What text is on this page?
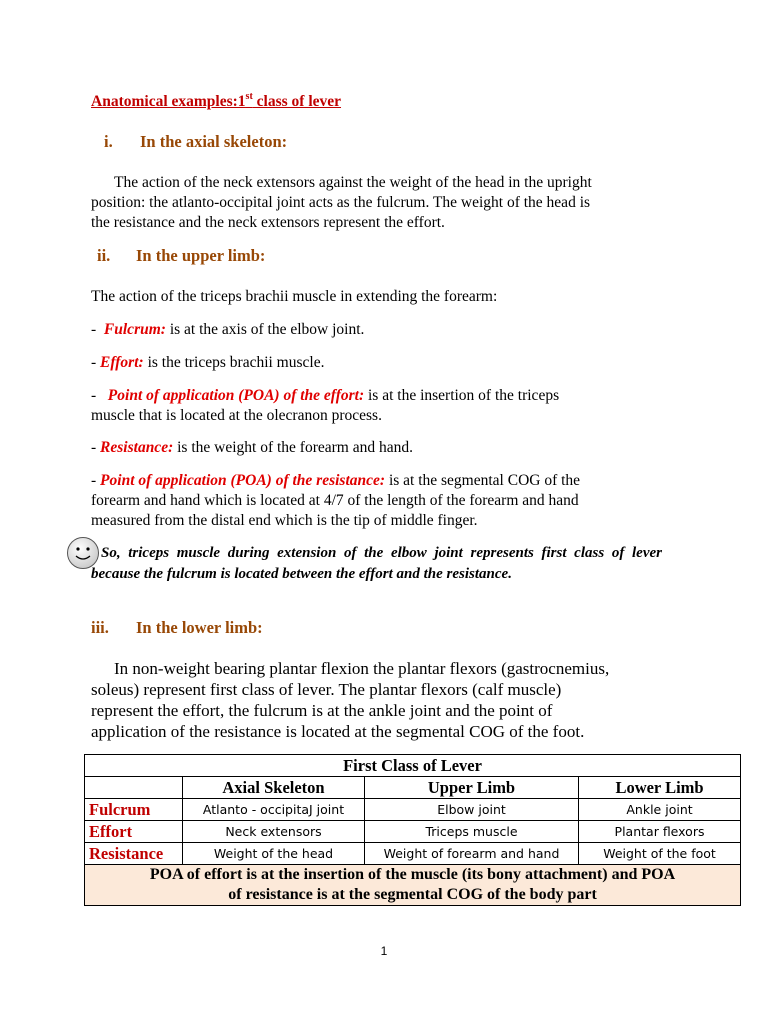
Anatomical examples:1st class of lever
i. In the axial skeleton:

The action of the neck extensors against the weight of the head in the upright

position: the atlanto-occipital joint acts as the fulcrum. The weight of the head is

the resistance and the neck extensors represent the effort.

ii. In the upper limb:

The action of the triceps brachii muscle in extending the forearm:

-  Fulcrum: is at the axis of the elbow joint.

- Effort: is the triceps brachii muscle.

-   Point of application (POA) of the effort: is at the insertion of the triceps

muscle that is located at the olecranon process.

- Resistance: is the weight of the forearm and hand.

- Point of application (POA) of the resistance: is at the segmental COG of the

forearm and hand which is located at 4/7 of the length of the forearm and hand

measured from the distal end which is the tip of middle finger.

So, triceps muscle during extension of the elbow joint represents first class of lever because the fulcrum is located between the effort and the resistance.
iii. In the lower limb:

In non-weight bearing plantar flexion the plantar flexors (gastrocnemius,

soleus) represent first class of lever. The plantar flexors (calf muscle)

represent the effort, the fulcrum is at the ankle joint and the point of

application of the resistance is located at the segmental COG of the foot.

First Class of Lever			
	Axial Skeleton	Upper Limb	Lower Limb
Fulcrum	Atlanto - occipitaJ joint	Elbow joint	Ankle joint
Effort	Neck extensors	Triceps muscle	Plantar flexors
Resistance	Weight of the head	Weight of forearm and hand	Weight of the foot

POA of effort is at the insertion of the muscle (its bony attachment) and POA
of resistance is at the segmental COG of the body part			
1
